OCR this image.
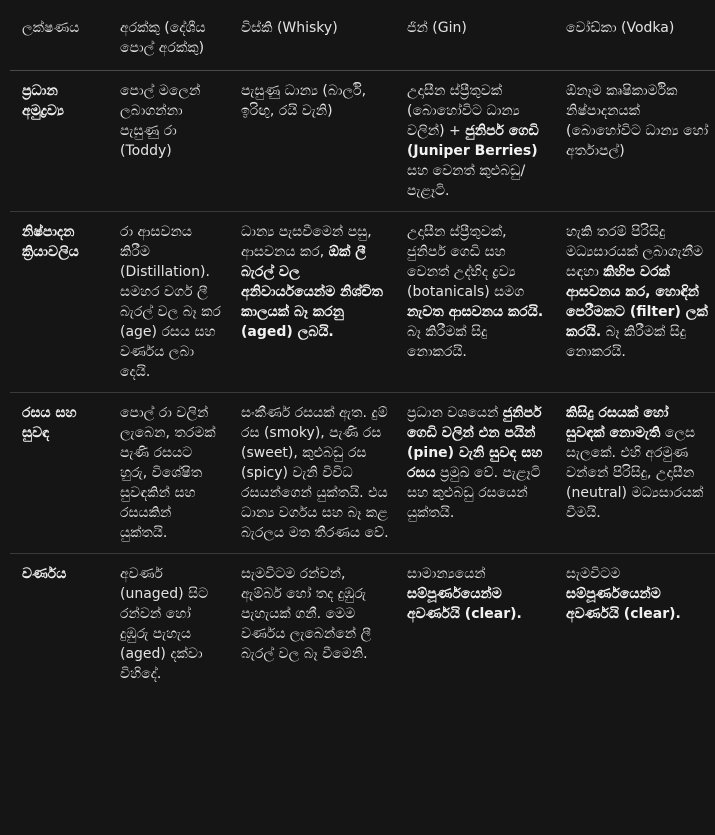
ලක්ෂණය	අරක්කු (දේශීය පොල් අරක්කු)	විස්කි (Whisky)	ජින් (Gin)	වෝඩ්කා (Vodka)
ප්‍රධාන අමුද්‍රව්‍ය	පොල් මලෙන් ලබාගන්නා පැසුණු රා (Toddy)	පැසුණු ධාන්‍ය (බාර්ලි, ඉරිඟු, රයි වැනි)	උදාසීන ස්ප්‍රීතුවක් (බොහෝවිට ධාන්‍ය වලින්) + ජුනිපර් ගෙඩි (Juniper Berries) සහ වෙනත් කුළුබඩු/පැළෑටි.	ඕනෑම කෘෂිකාර්මික නිෂ්පාදනයක් (බොහෝවිට ධාන්‍ය හෝ අර්තාපල්)
නිෂ්පාදන ක්‍රියාවලිය	රා ආසවනය කිරීම (Distillation). සමහර වර්ග ලී බැරල් වල බෑ කර (age) රසය සහ වර්ණය ලබා දෙයි.	ධාන්‍ය පැසවීමෙන් පසු, ආසවනය කර, ඕක් ලී බැරල් වල අනිවාර්යයෙන්ම නිශ්චිත කාලයක් බෑ කරනු (aged) ලබයි.	උදාසීන ස්ප්‍රීතුවක්, ජුනිපර් ගෙඩි සහ වෙනත් උද්භිද ද්‍රව්‍ය (botanicals) සමග නැවත ආසවනය කරයි. බෑ කිරීමක් සිදු නොකරයි.	හැකි තරම් පිරිසිදු මධ්‍යසාරයක් ලබාගැනීම සඳහා කිහිප වරක් ආසවනය කර, හොඳින් පෙරීමකට (filter) ලක් කරයි. බෑ කිරීමක් සිදු නොකරයි.
රසය සහ සුවඳ	පොල් රා වලින් ලැබෙන, තරමක් පැණි රසයට හුරු, විශේෂිත සුවඳකින් සහ රසයකින් යුක්තයි.	සංකීර්ණ රසයක් ඇත. දුම් රස (smoky), පැණි රස (sweet), කුළුබඩු රස (spicy) වැනි විවිධ රසයන්ගෙන් යුක්තයි. එය ධාන්‍ය වර්ගය සහ බෑ කළ බැරලය මත තීරණය වේ.	ප්‍රධාන වශයෙන් ජුනිපර් ගෙඩි වලින් එන පයින් (pine) වැනි සුවඳ සහ රසය ප්‍රමුඛ වේ. පැළෑටි සහ කුළුබඩු රසයෙන් යුක්තයි.	කිසිදු රසයක් හෝ සුවඳක් නොමැති ලෙස සැලකේ. එහි අරමුණ වන්නේ පිරිසිදු, උදාසීන (neutral) මධ්‍යසාරයක් වීමයි.
වර්ණය	අවර්ණ (unaged) සිට රන්වන් හෝ දුඹුරු පැහැය (aged) දක්වා විහිදේ.	සැමවිටම රන්වන්, ඇම්බර් හෝ තද දුඹුරු පැහැයක් ගනී. මෙම වර්ණය ලැබෙන්නේ ලී බැරල් වල බෑ වීමෙනි.	සාමාන්‍යයෙන් සම්පූර්ණයෙන්ම අවර්ණයි (clear).	සැමවිටම සම්පූර්ණයෙන්ම අවර්ණයි (clear).
